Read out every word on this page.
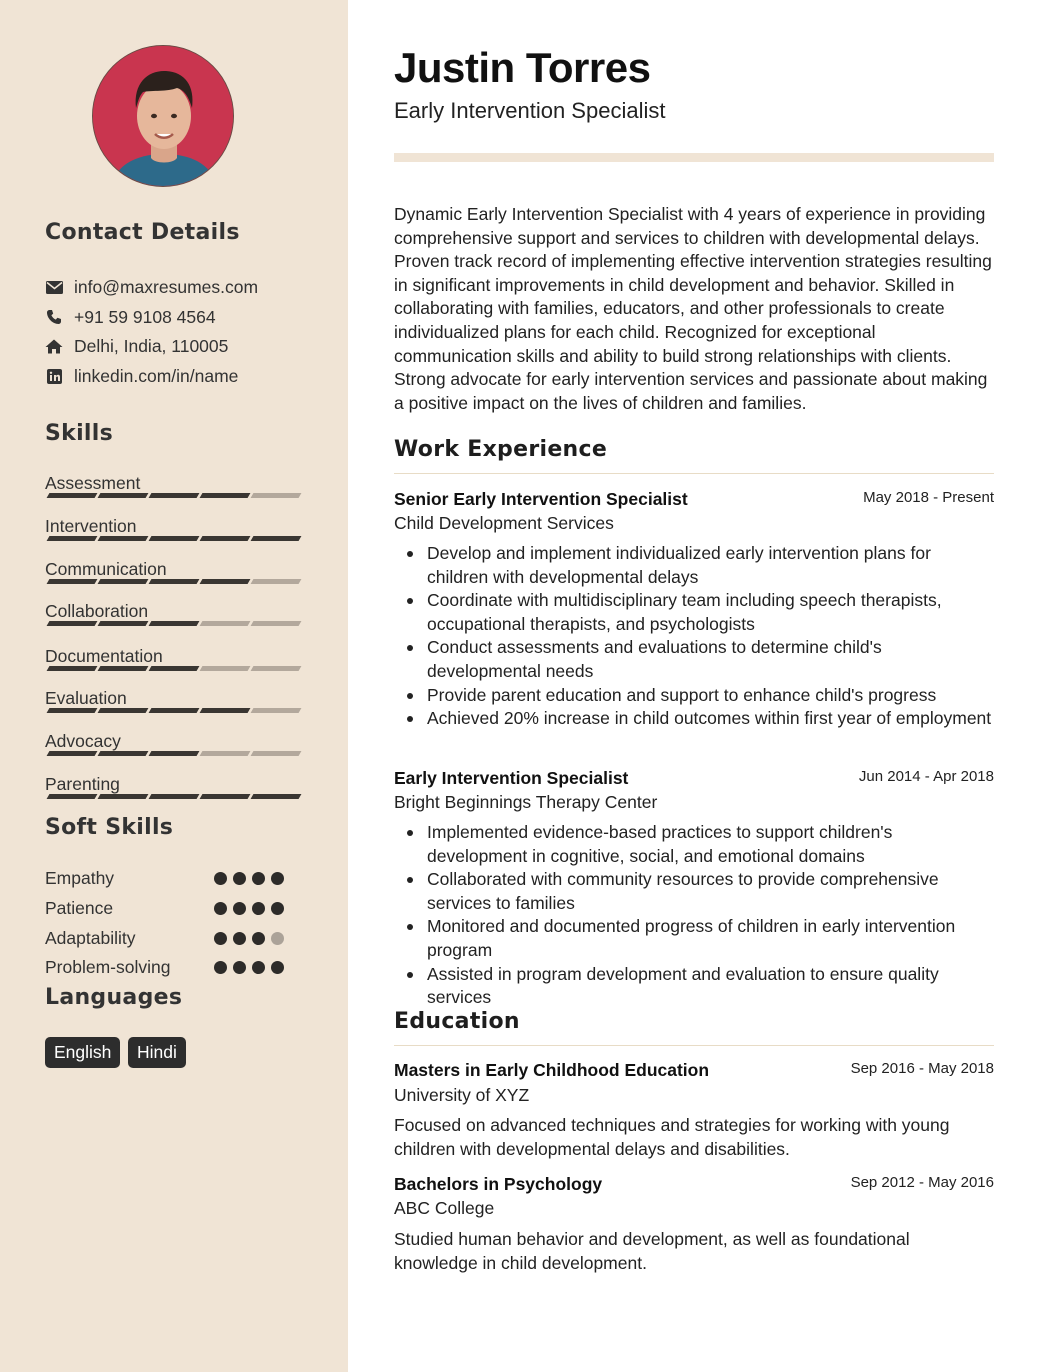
Contact Details
info@maxresumes.com
+91 59 9108 4564
Delhi, India, 110005
linkedin.com/in/name
Skills
Assessment
Intervention
Communication
Collaboration
Documentation
Evaluation
Advocacy
Parenting
Soft Skills
Empathy
Patience
Adaptability
Problem-solving
Languages
English	Hindi
Justin Torres
Early Intervention Specialist

Dynamic Early Intervention Specialist with 4 years of experience in providing comprehensive support and services to children with developmental delays. Proven track record of implementing effective intervention strategies resulting in significant improvements in child development and behavior. Skilled in collaborating with families, educators, and other professionals to create individualized plans for each child. Recognized for exceptional communication skills and ability to build strong relationships with clients. Strong advocate for early intervention services and passionate about making a positive impact on the lives of children and families.

Work Experience
Senior Early Intervention Specialist	May 2018 - Present
Child Development Services
Develop and implement individualized early intervention plans for children with developmental delays
Coordinate with multidisciplinary team including speech therapists, occupational therapists, and psychologists
Conduct assessments and evaluations to determine child's developmental needs
Provide parent education and support to enhance child's progress
Achieved 20% increase in child outcomes within first year of employment
Early Intervention Specialist	Jun 2014 - Apr 2018
Bright Beginnings Therapy Center
Implemented evidence-based practices to support children's development in cognitive, social, and emotional domains
Collaborated with community resources to provide comprehensive services to families
Monitored and documented progress of children in early intervention program
Assisted in program development and evaluation to ensure quality services
Education
Masters in Early Childhood Education	Sep 2016 - May 2018
University of XYZ

Focused on advanced techniques and strategies for working with young children with developmental delays and disabilities.

Bachelors in Psychology	Sep 2012 - May 2016
ABC College

Studied human behavior and development, as well as foundational knowledge in child development.
